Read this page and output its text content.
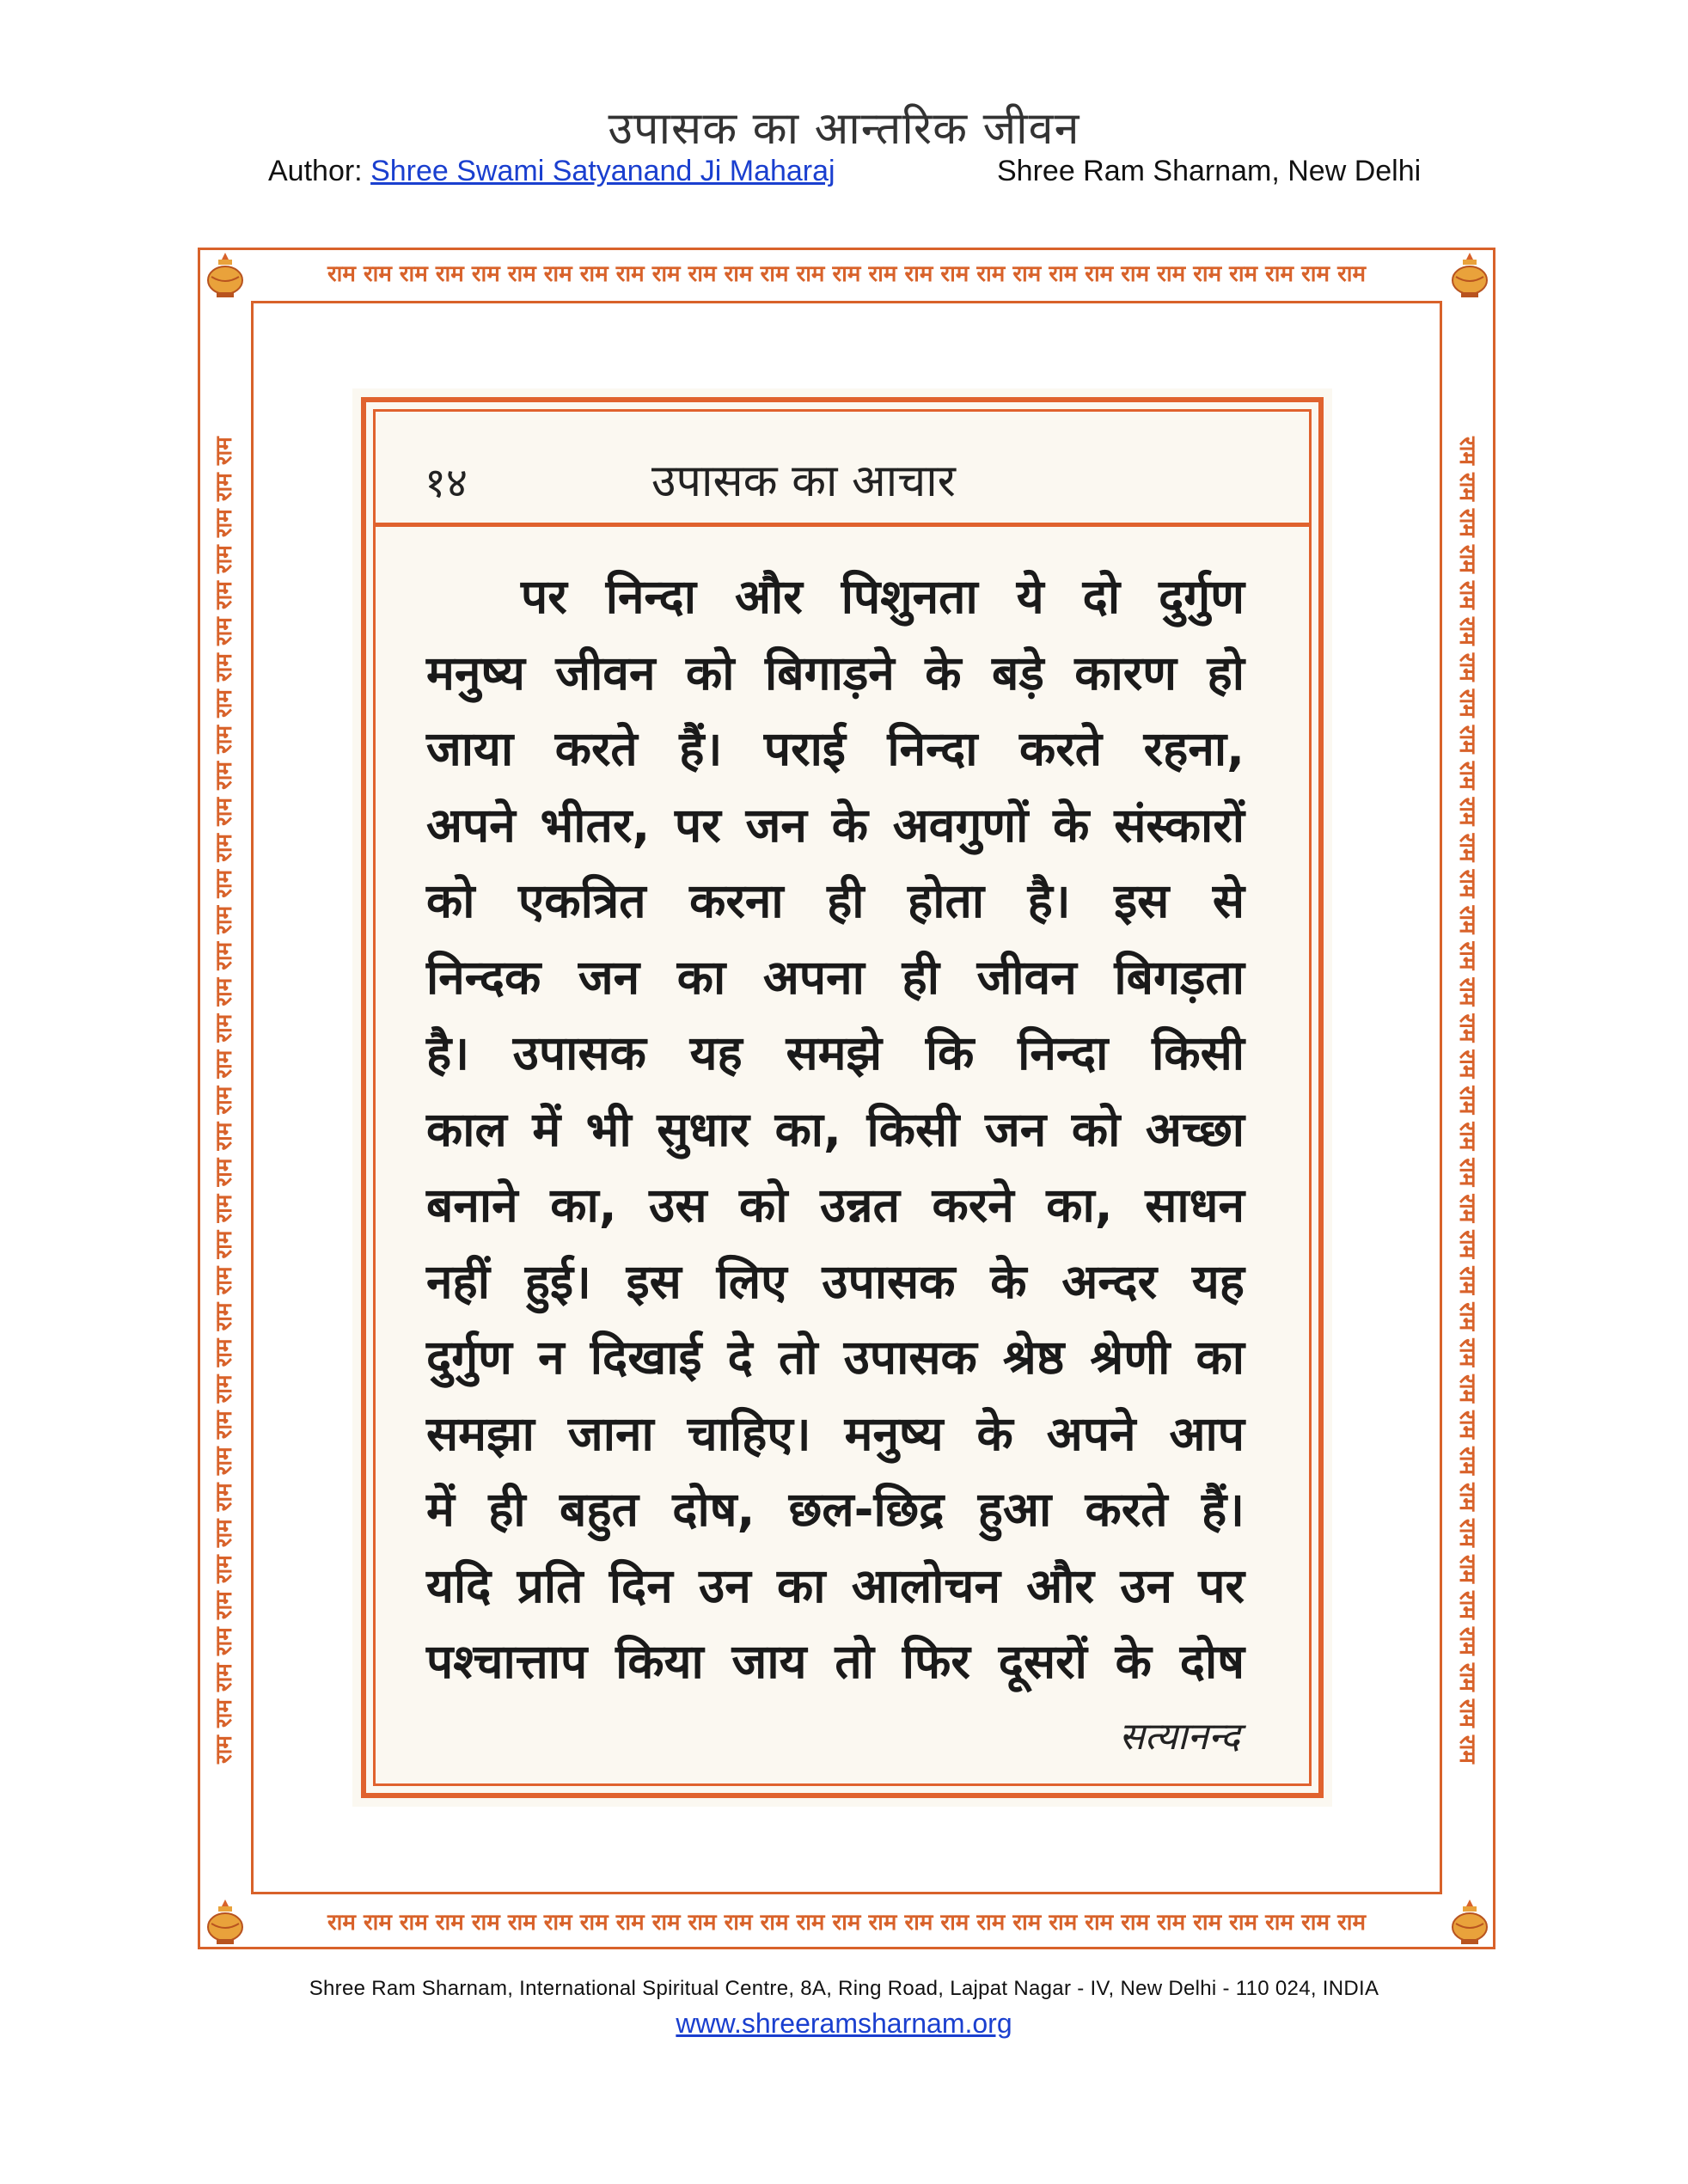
उपासक का आन्तरिक जीवन
Author: Shree Swami Satyanand Ji Maharaj	Shree Ram Sharnam, New Delhi
राम राम राम राम राम राम राम राम राम राम राम राम राम राम राम राम राम राम राम राम राम राम राम राम राम राम राम राम राम
राम राम राम राम राम राम राम राम राम राम राम राम राम राम राम राम राम राम राम राम राम राम राम राम राम राम राम राम राम
राम राम राम राम राम राम राम राम राम राम राम राम राम राम राम राम राम राम राम राम राम राम राम राम राम राम राम राम राम राम राम राम राम राम राम राम राम	राम राम राम राम राम राम राम राम राम राम राम राम राम राम राम राम राम राम राम राम राम राम राम राम राम राम राम राम राम राम राम राम राम राम राम राम राम
१४	उपासक का आचार
पर निन्दा और पिशुनता ये दो दुर्गुण
मनुष्य जीवन को बिगाड़ने के बड़े कारण हो
जाया करते हैं। पराई निन्दा करते रहना,
अपने भीतर, पर जन के अवगुणों के संस्कारों
को एकत्रित करना ही होता है। इस से
निन्दक जन का अपना ही जीवन बिगड़ता
है। उपासक यह समझे कि निन्दा किसी
काल में भी सुधार का, किसी जन को अच्छा
बनाने का, उस को उन्नत करने का, साधन
नहीं हुई। इस लिए उपासक के अन्दर यह
दुर्गुण न दिखाई दे तो उपासक श्रेष्ठ श्रेणी का
समझा जाना चाहिए। मनुष्य के अपने आप
में ही बहुत दोष, छल-छिद्र हुआ करते हैं।
यदि प्रति दिन उन का आलोचन और उन पर
पश्चात्ताप किया जाय तो फिर दूसरों के दोष
सत्यानन्द
Shree Ram Sharnam, International Spiritual Centre, 8A, Ring Road, Lajpat Nagar - IV, New Delhi - 110 024, INDIA
www.shreeramsharnam.org
